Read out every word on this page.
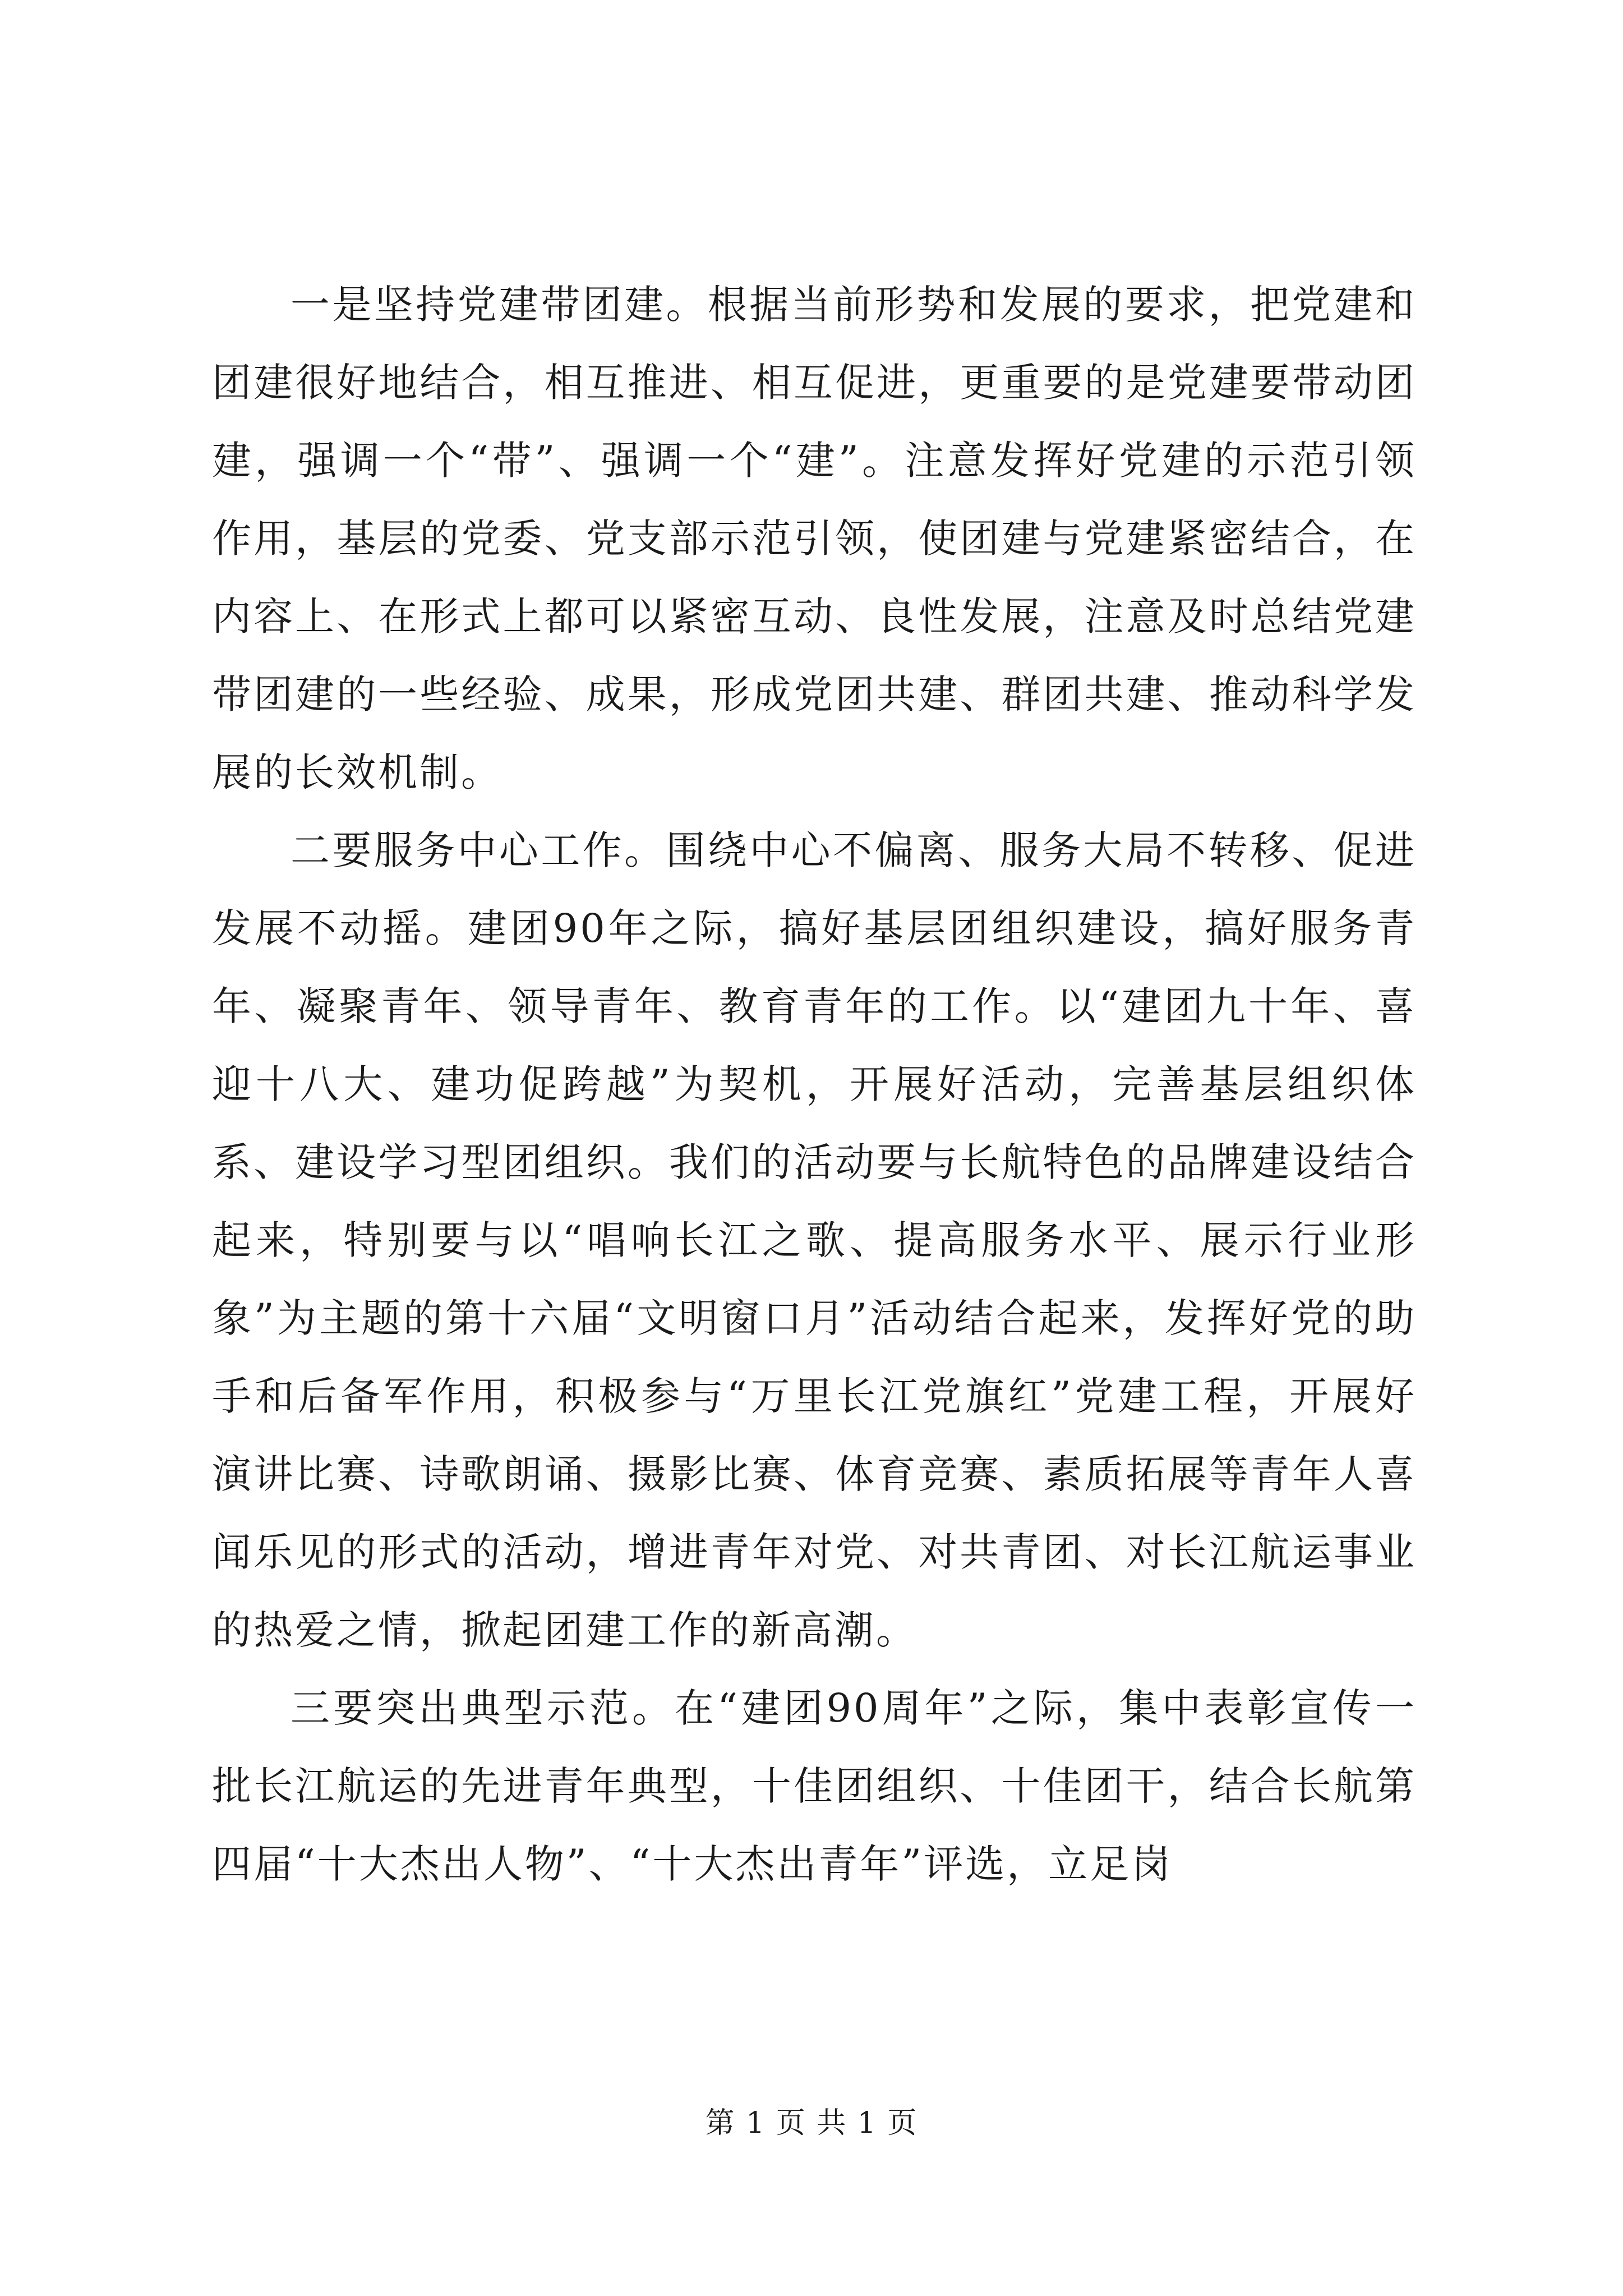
一是坚持党建带团建。根据当前形势和发展的要求，把党建和团建很好地结合，相互推进、相互促进，更重要的是党建要带动团建，强调一个“带”、强调一个“建”。注意发挥好党建的示范引领作用，基层的党委、党支部示范引领，使团建与党建紧密结合，在内容上、在形式上都可以紧密互动、良性发展，注意及时总结党建带团建的一些经验、成果，形成党团共建、群团共建、推动科学发展的长效机制。

二要服务中心工作。围绕中心不偏离、服务大局不转移、促进发展不动摇。建团90年之际，搞好基层团组织建设，搞好服务青年、凝聚青年、领导青年、教育青年的工作。以“建团九十年、喜迎十八大、建功促跨越”为契机，开展好活动，完善基层组织体系、建设学习型团组织。我们的活动要与长航特色的品牌建设结合起来，特别要与以“唱响长江之歌、提高服务水平、展示行业形象”为主题的第十六届“文明窗口月”活动结合起来，发挥好党的助手和后备军作用，积极参与“万里长江党旗红”党建工程，开展好演讲比赛、诗歌朗诵、摄影比赛、体育竞赛、素质拓展等青年人喜闻乐见的形式的活动，增进青年对党、对共青团、对长江航运事业的热爱之情，掀起团建工作的新高潮。

三要突出典型示范。在“建团90周年”之际，集中表彰宣传一批长江航运的先进青年典型，十佳团组织、十佳团干，结合长航第四届“十大杰出人物”、“十大杰出青年”评选，立足岗

第 1 页 共 1 页
